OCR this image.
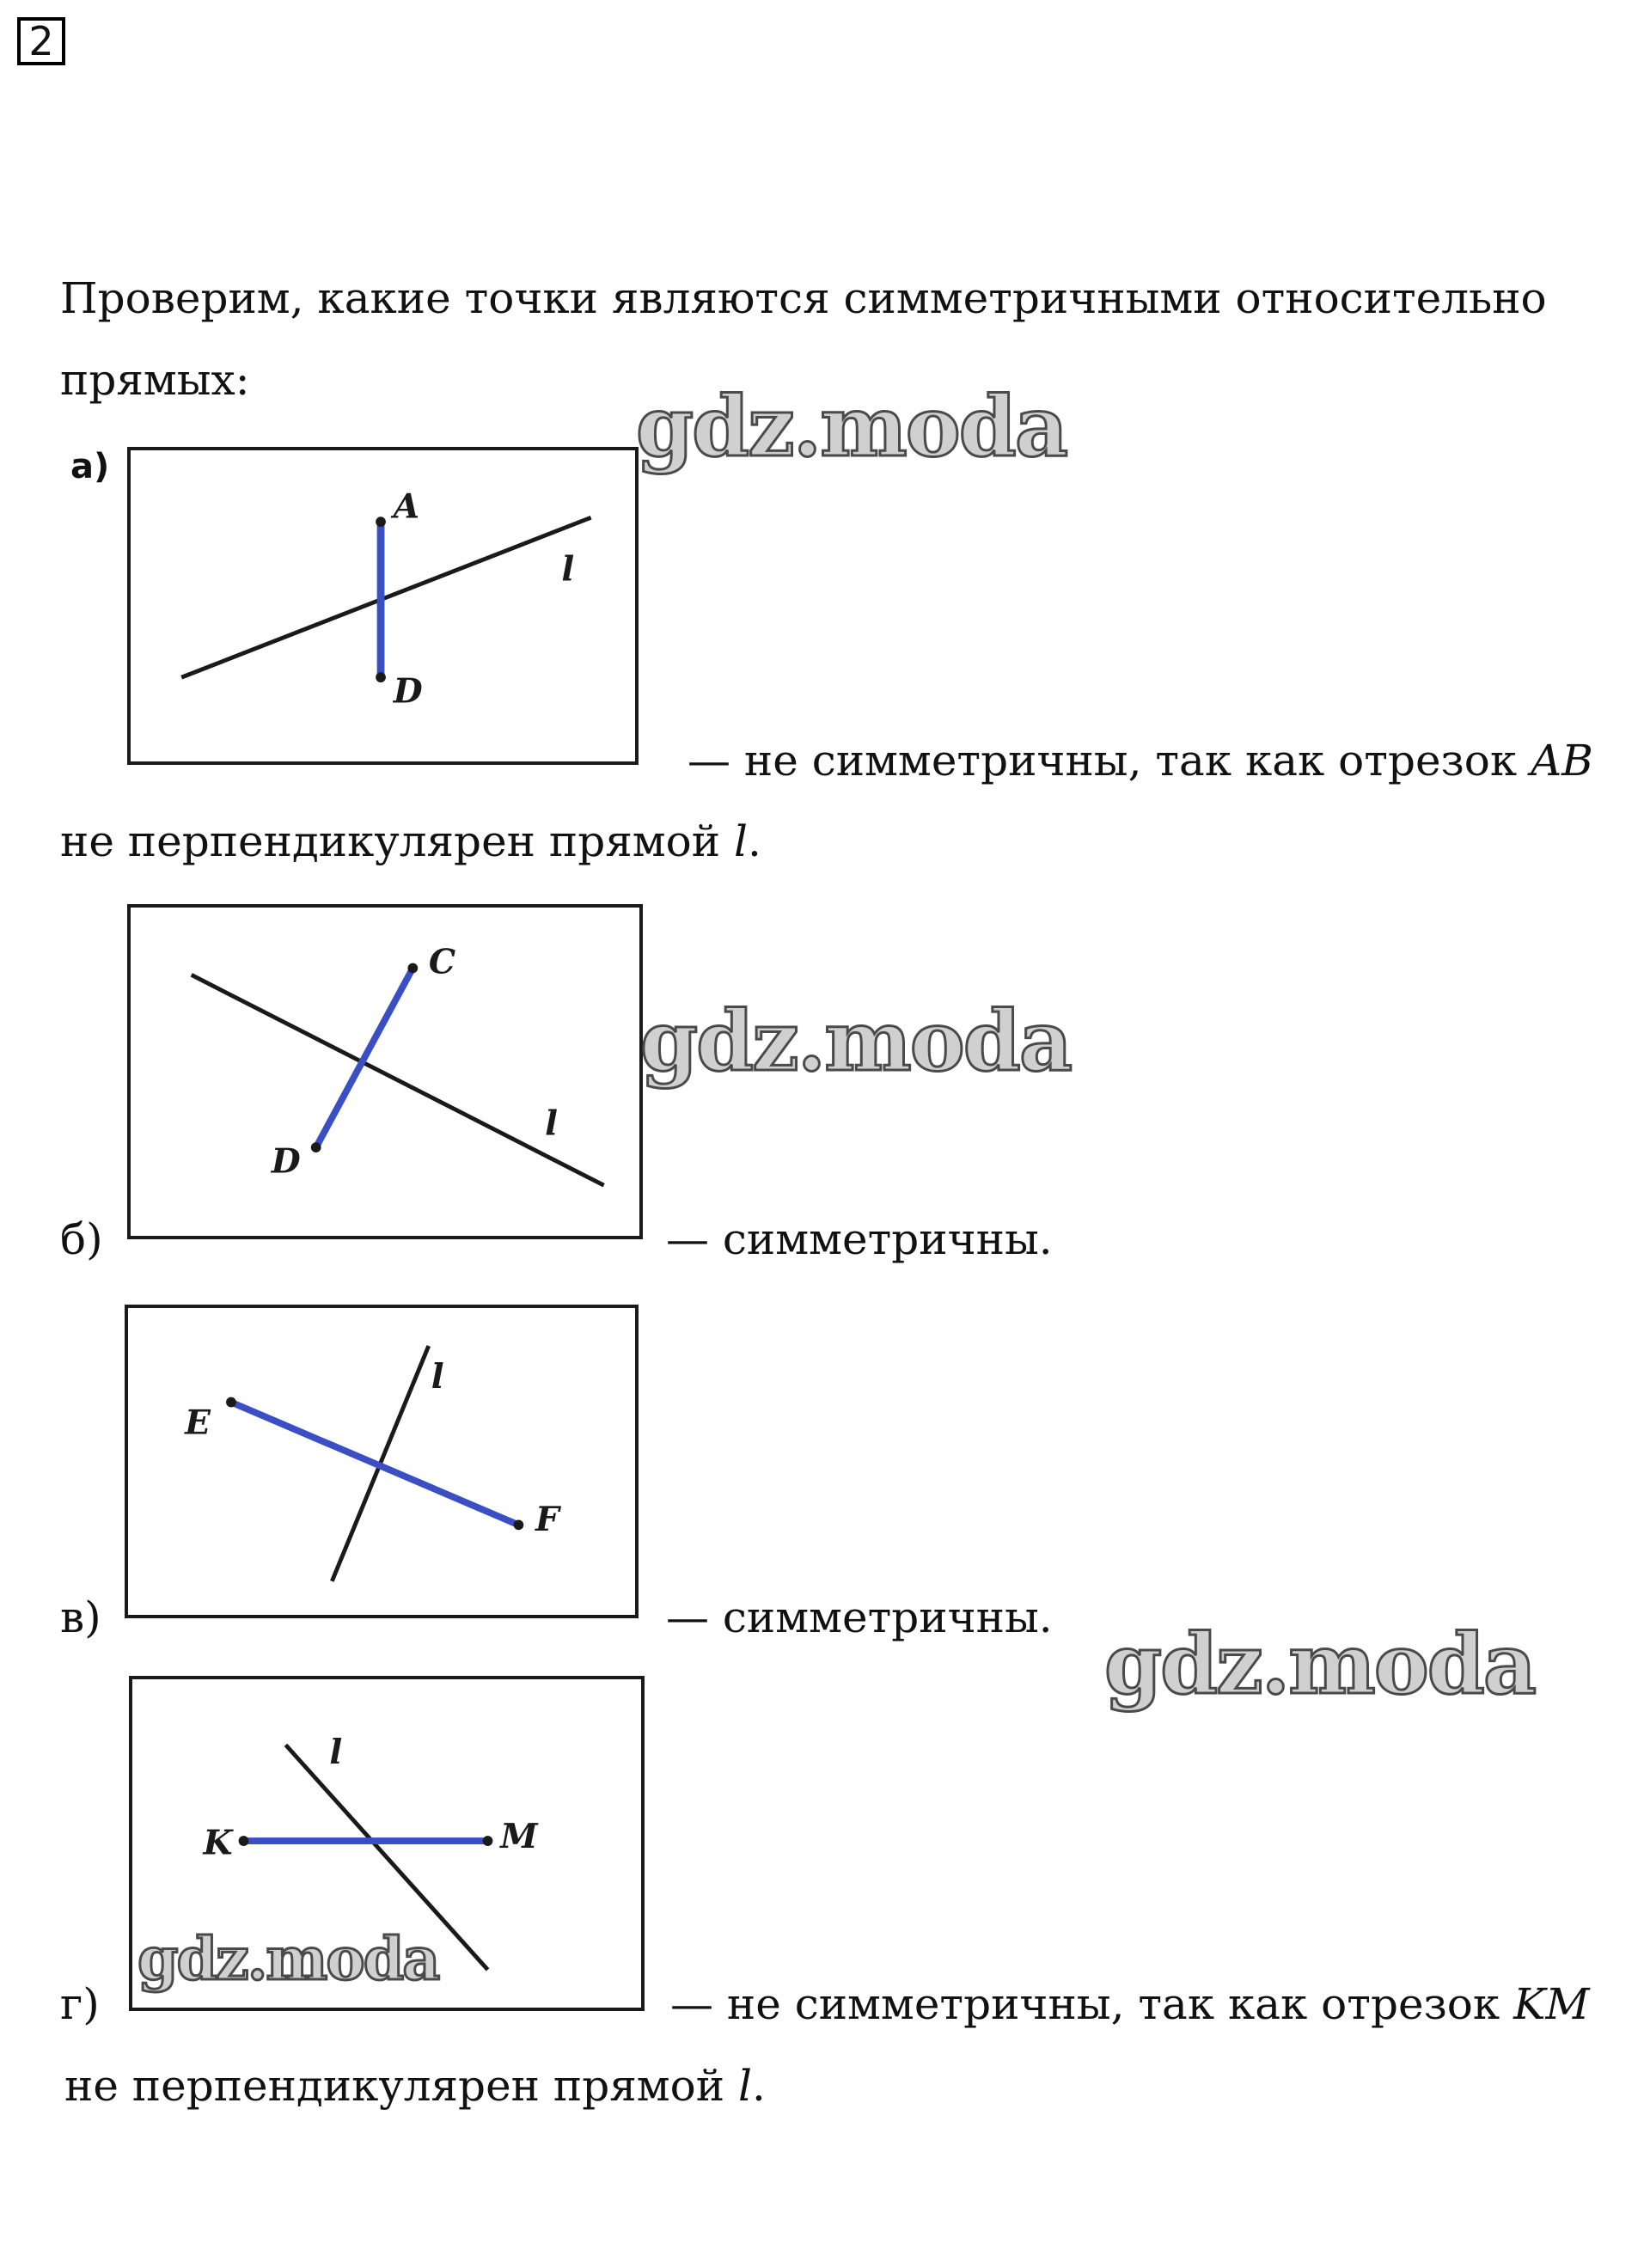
2
Проверим, какие точки являются симметричными относительно
прямых:
а)
A
D
l
gdz.moda
— не симметричны, так как отрезок AB
не перпендикулярен прямой l.
C
D
l
gdz.moda
б)	— симметричны.
E
F
l
в)	— симметричны. gdz.moda
K	M
l
gdz.moda
г)	— не симметричны, так как отрезок KM
не перпендикулярен прямой l.
